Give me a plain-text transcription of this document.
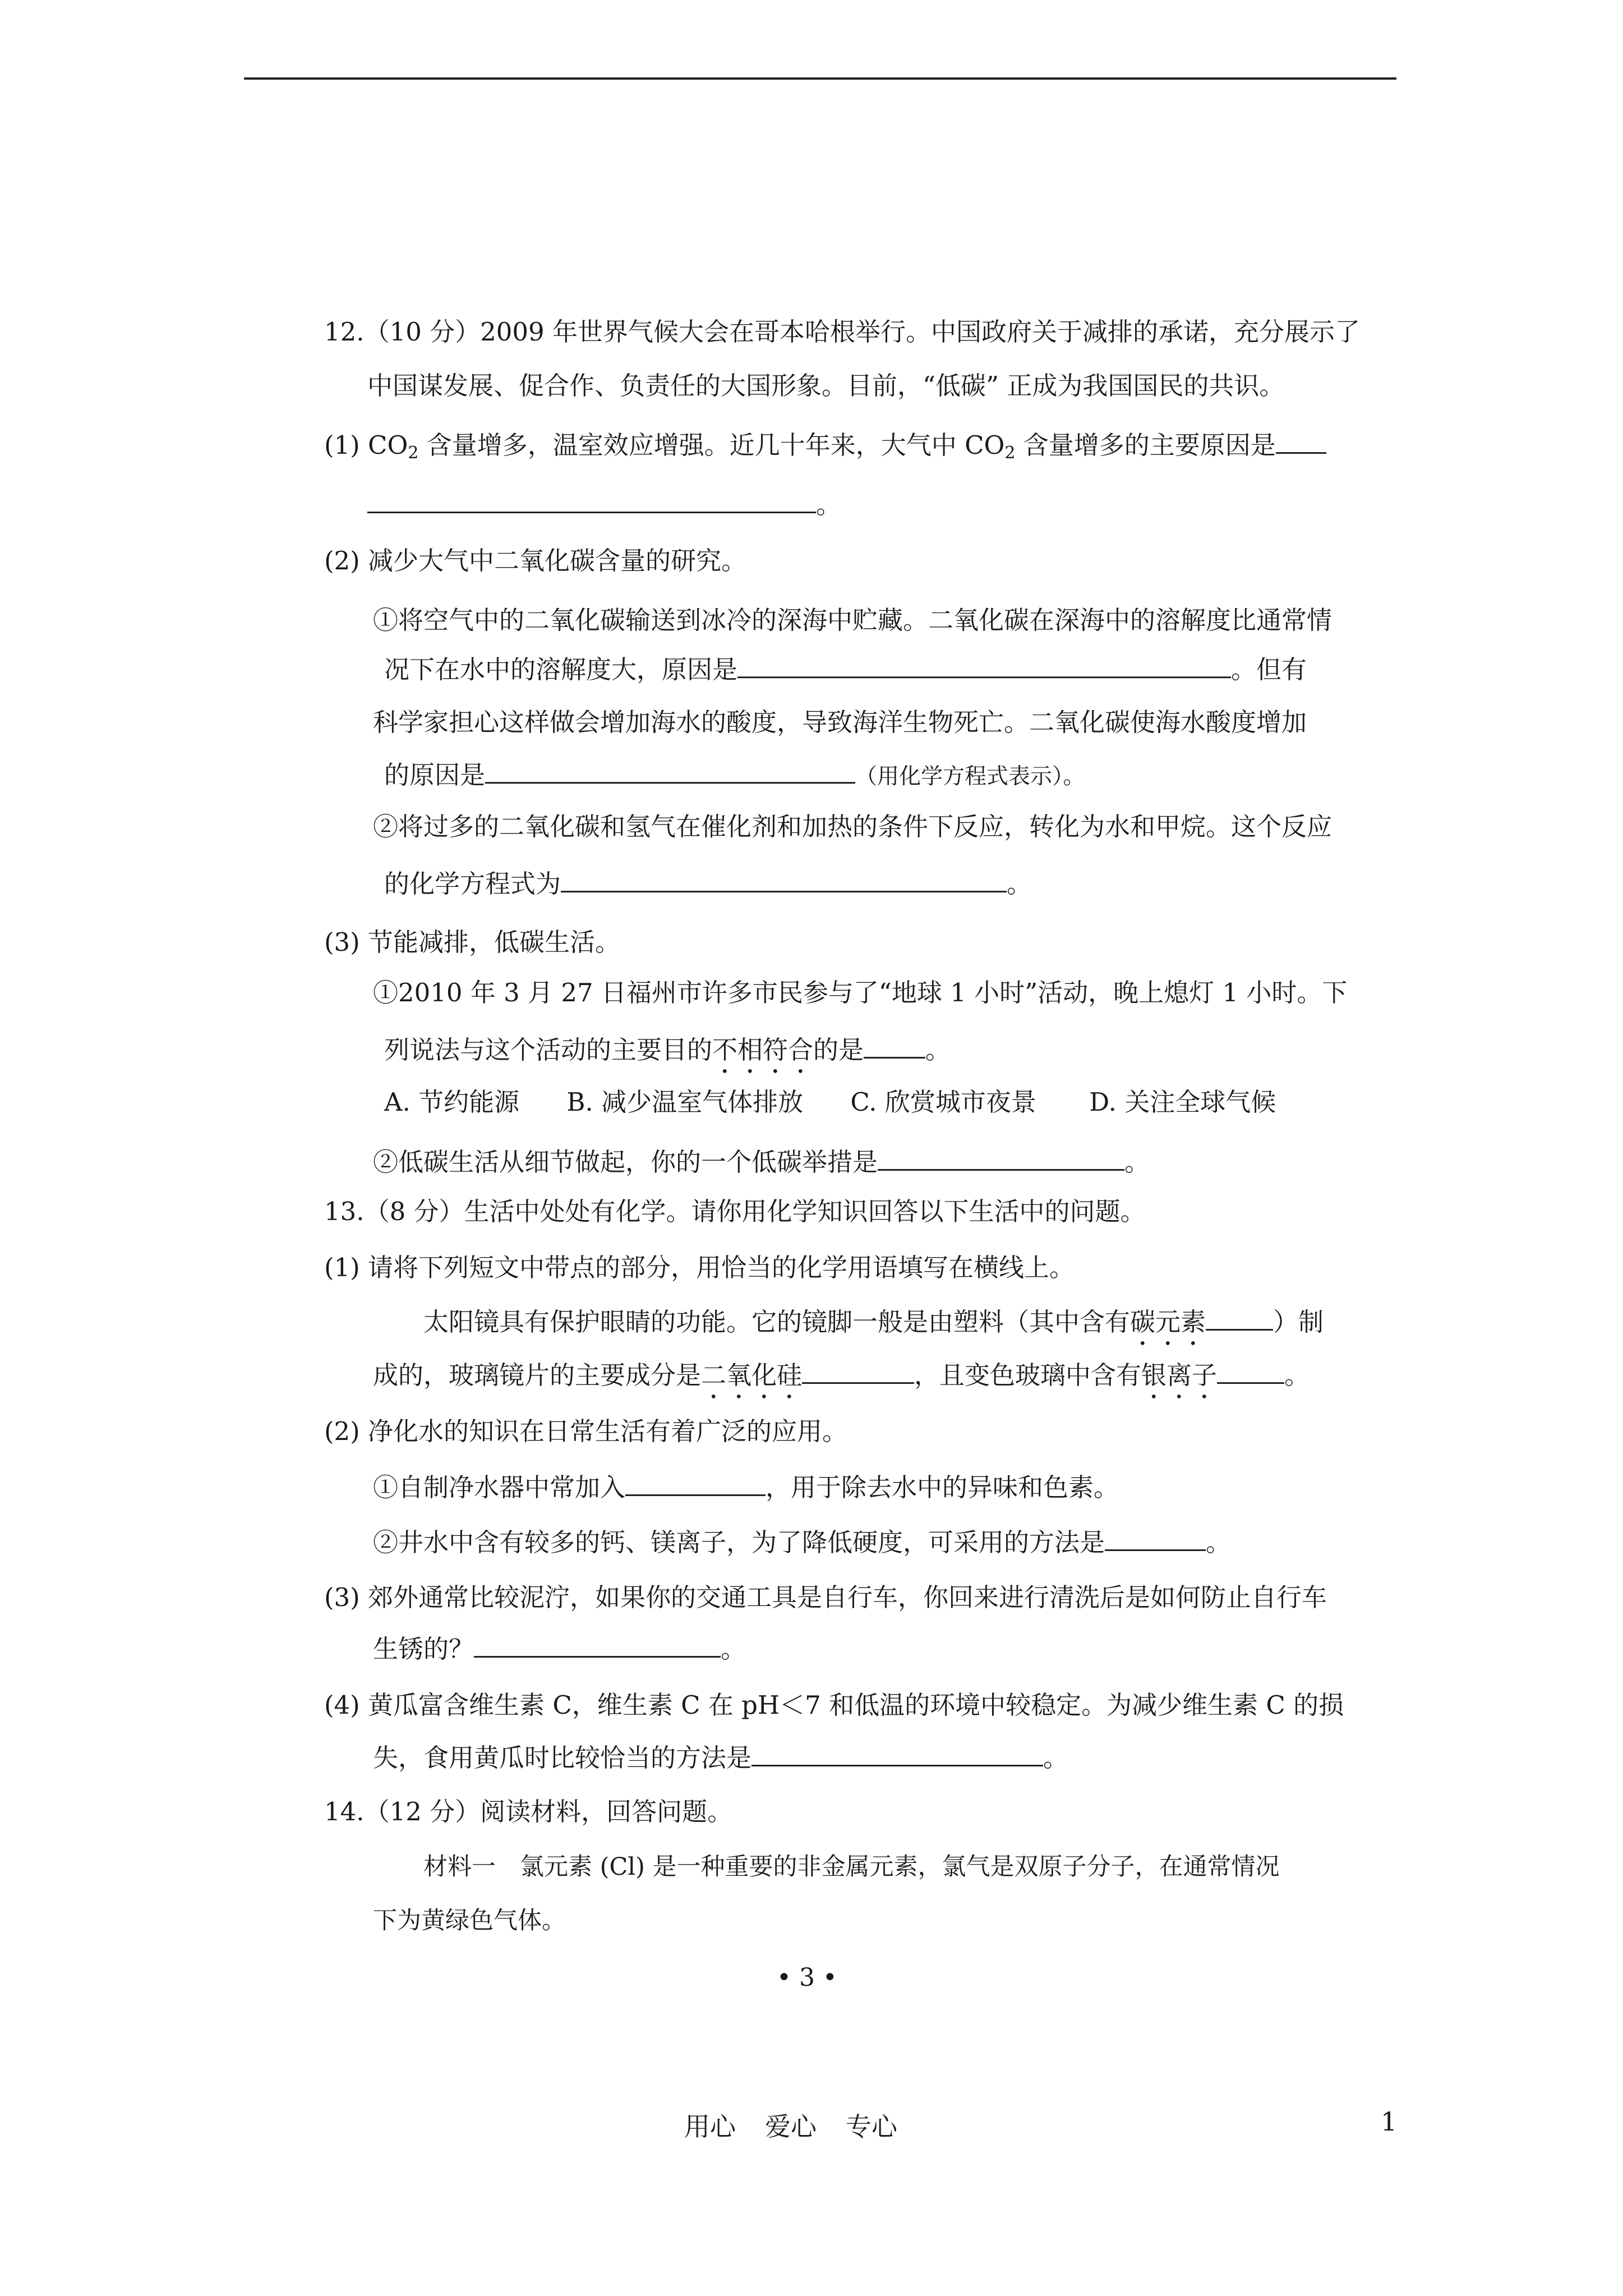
12.（10 分）2009 年世界气候大会在哥本哈根举行。中国政府关于减排的承诺，充分展示了
中国谋发展、促合作、负责任的大国形象。目前，“低碳” 正成为我国国民的共识。
(1) $CO_2$ 含量增多，温室效应增强。近几十年来，大气中 $CO_2$ 含量增多的主要原因是
。
(2) 减少大气中二氧化碳含量的研究。
①将空气中的二氧化碳输送到冰冷的深海中贮藏。二氧化碳在深海中的溶解度比通常情
况下在水中的溶解度大，原因是	。但有
科学家担心这样做会增加海水的酸度，导致海洋生物死亡。二氧化碳使海水酸度增加
的原因是	（用化学方程式表示）。
②将过多的二氧化碳和氢气在催化剂和加热的条件下反应，转化为水和甲烷。这个反应
的化学方程式为	。
(3) 节能减排，低碳生活。
①2010 年 3 月 27 日福州市许多市民参与了“地球 1 小时”活动，晚上熄灯 1 小时。下
列说法与这个活动的主要目的不相符合的是 。
A. 节约能源 B. 减少温室气体排放 C. 欣赏城市夜景 D. 关注全球气候
②低碳生活从细节做起，你的一个低碳举措是	。
13.（8 分）生活中处处有化学。请你用化学知识回答以下生活中的问题。
(1) 请将下列短文中带点的部分，用恰当的化学用语填写在横线上。
太阳镜具有保护眼睛的功能。它的镜脚一般是由塑料（其中含有碳元素	）制
成的，玻璃镜片的主要成分是二氧化硅	，且变色玻璃中含有银离子	。
(2) 净化水的知识在日常生活有着广泛的应用。
①自制净水器中常加入	，用于除去水中的异味和色素。
②井水中含有较多的钙、镁离子，为了降低硬度，可采用的方法是	。
(3) 郊外通常比较泥泞，如果你的交通工具是自行车，你回来进行清洗后是如何防止自行车
生锈的？	。
(4) 黄瓜富含维生素 C，维生素 C 在 pH＜7 和低温的环境中较稳定。为减少维生素 C 的损
失，食用黄瓜时比较恰当的方法是	。
14.（12 分）阅读材料，回答问题。
材料一　氯元素 (Cl) 是一种重要的非金属元素，氯气是双原子分子，在通常情况
下为黄绿色气体。
• 3 •
用心 爱心 专心	1
